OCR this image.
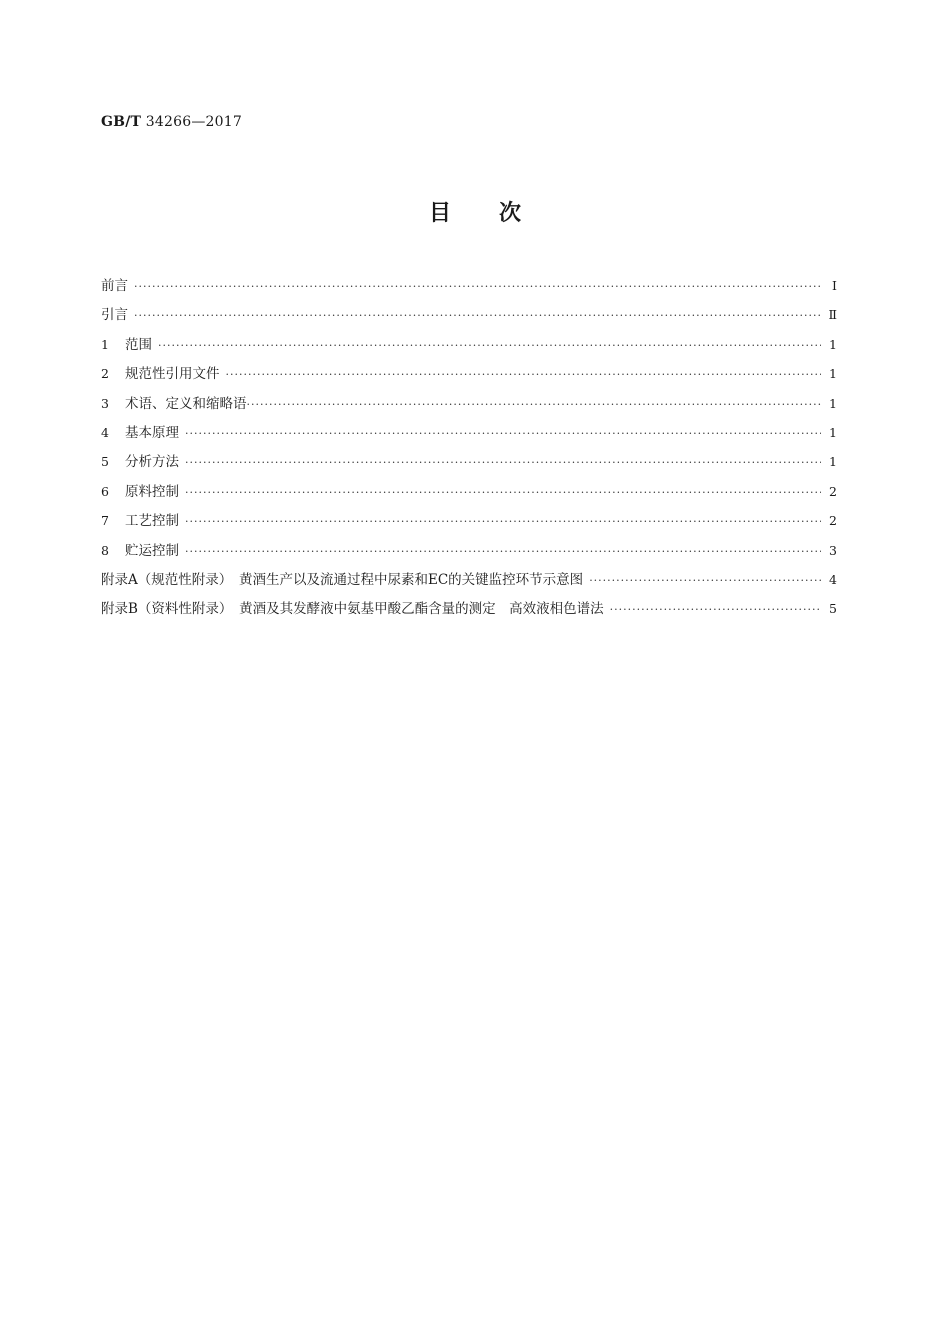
GB/T 34266—2017
目次
前言 ·····	Ⅰ
引言 ·····	Ⅱ
1	范围 ·····	1
2	规范性引用文件 ·····	1
3	术语、定义和缩略语 ·····	1
4	基本原理 ·····	1
5	分析方法 ·····	1
6	原料控制 ·····	2
7	工艺控制 ·····	2
8	贮运控制 ·····	3
附录A（规范性附录）　黄酒生产以及流通过程中尿素和EC的关键监控环节示意图 ·····	4
附录B（资料性附录）　黄酒及其发酵液中氨基甲酸乙酯含量的测定　高效液相色谱法 ·····	5
